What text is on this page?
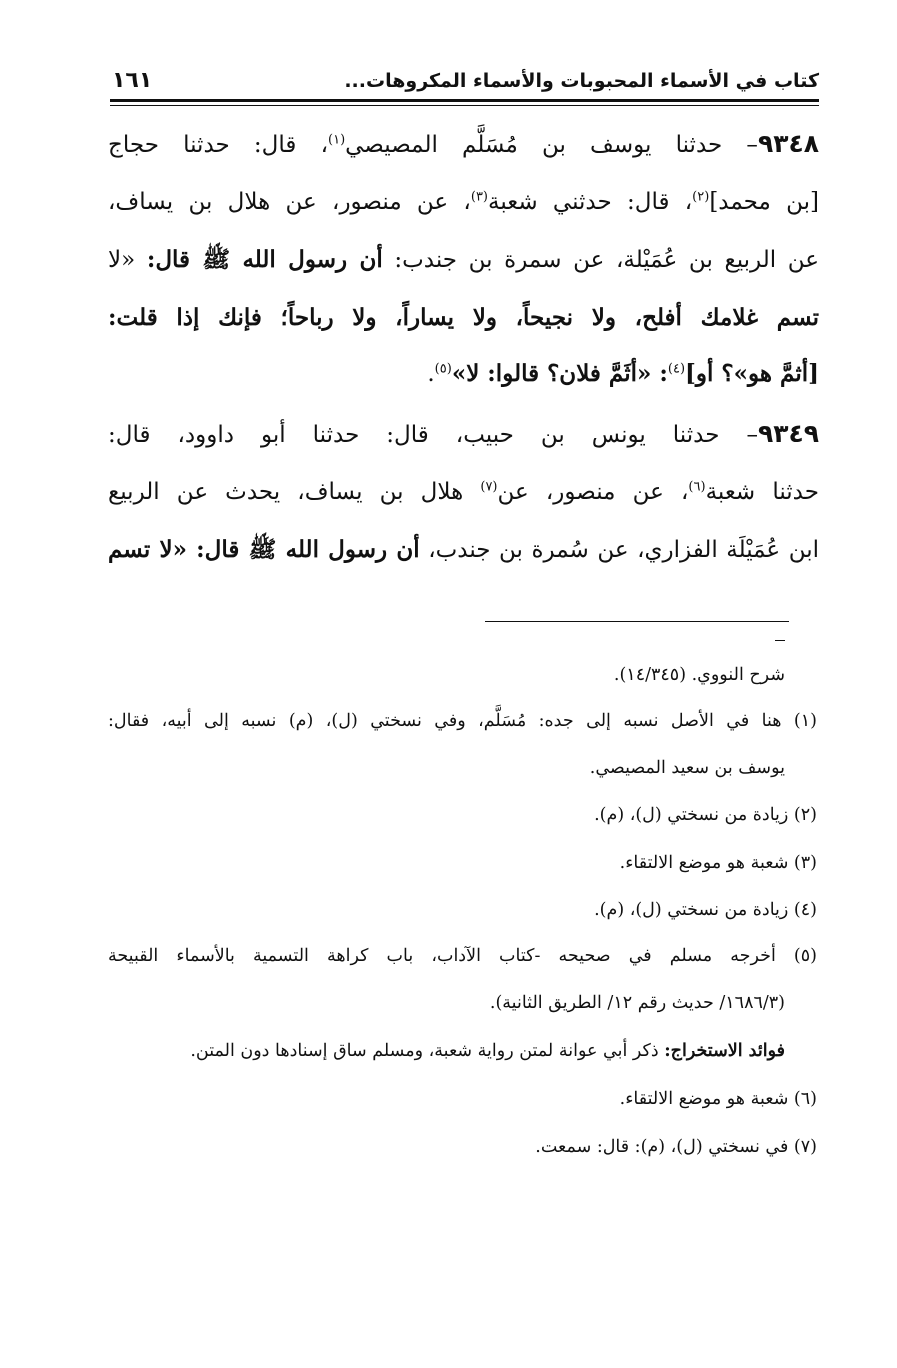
كتاب في الأسماء المحبوبات والأسماء المكروهات...
١٦١
٩٣٤٨– حدثنا يوسف بن مُسَلَّم المصيصي$^{(١)}$، قال: حدثنا حجاج
[بن محمد]$^{(٢)}$، قال: حدثني شعبة$^{(٣)}$، عن منصور، عن هلال بن يساف،
عن الربيع بن عُمَيْلة، عن سمرة بن جندب: أن رسول الله ﷺ قال: «لا
تسم غلامك أفلح، ولا نجيحاً، ولا يساراً، ولا رباحاً؛ فإنك إذا قلت:
[أثمَّ هو»؟ أو]$^{(٤)}$: «أثَمَّ فلان؟ قالوا: لا»$^{(٥)}$.
٩٣٤٩– حدثنا يونس بن حبيب، قال: حدثنا أبو داوود، قال:
حدثنا شعبة$^{(٦)}$، عن منصور، عن$^{(٧)}$ هلال بن يساف، يحدث عن الربيع
ابن عُمَيْلَة الفزاري، عن سُمرة بن جندب، أن رسول الله ﷺ قال: «لا تسم
شرح النووي. (١٤/٣٤٥).
(١) هنا في الأصل نسبه إلى جده: مُسَلَّم، وفي نسختي (ل)، (م) نسبه إلى أبيه، فقال:
يوسف بن سعيد المصيصي.
(٢) زيادة من نسختي (ل)، (م).
(٣) شعبة هو موضع الالتقاء.
(٤) زيادة من نسختي (ل)، (م).
(٥) أخرجه مسلم في صحيحه -كتاب الآداب، باب كراهة التسمية بالأسماء القبيحة
(١٦٨٦/٣/ حديث رقم ١٢/ الطريق الثانية).
فوائد الاستخراج: ذكر أبي عوانة لمتن رواية شعبة، ومسلم ساق إسنادها دون المتن.
(٦) شعبة هو موضع الالتقاء.
(٧) في نسختي (ل)، (م): قال: سمعت.
